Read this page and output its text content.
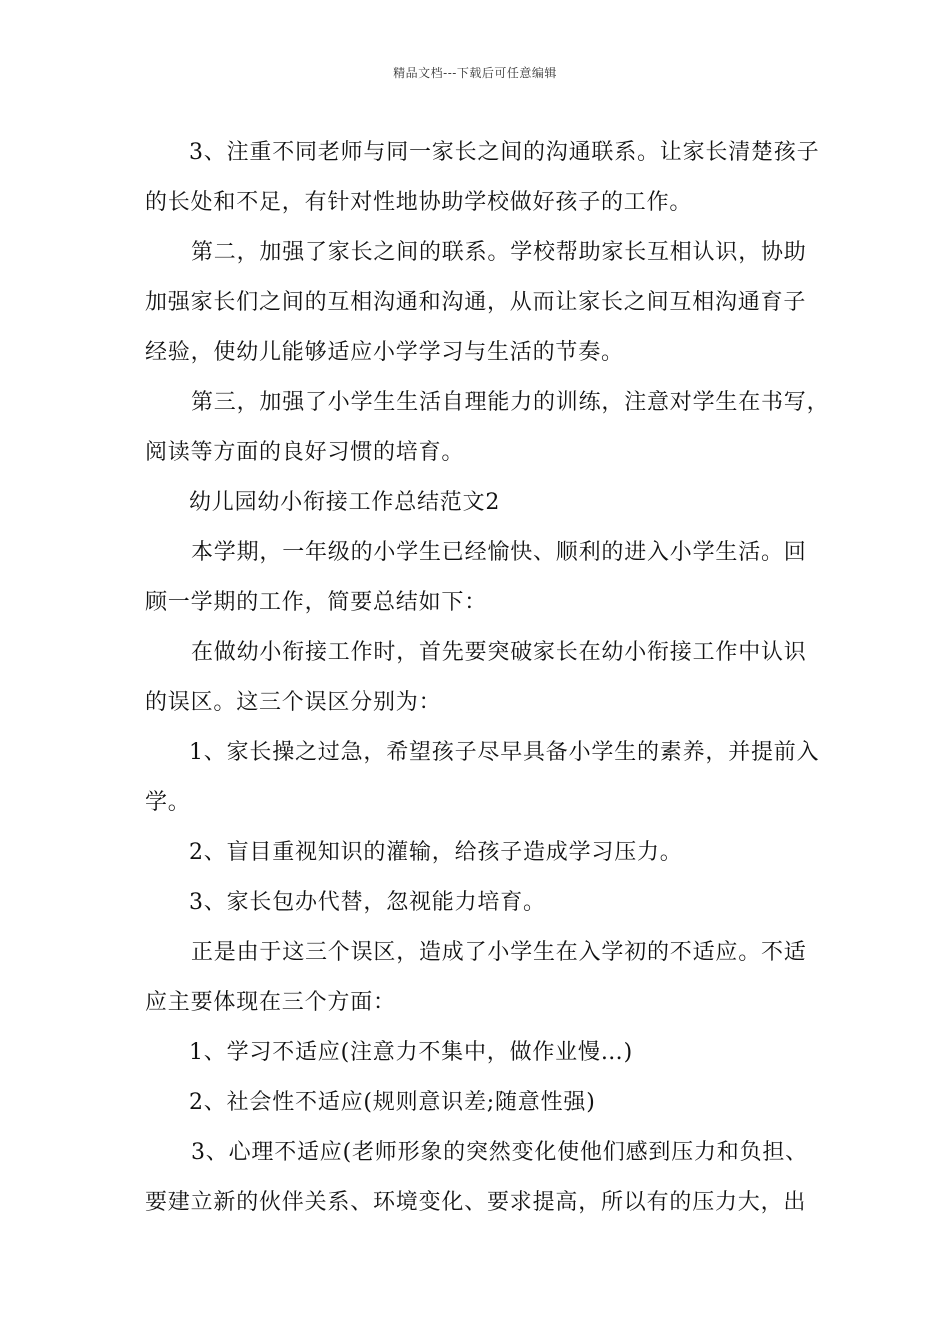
精品文档---下载后可任意编辑
3、注重不同老师与同一家长之间的沟通联系。让家长清楚孩子
的长处和不足，有针对性地协助学校做好孩子的工作。
第二，加强了家长之间的联系。学校帮助家长互相认识，协助
加强家长们之间的互相沟通和沟通，从而让家长之间互相沟通育子
经验，使幼儿能够适应小学学习与生活的节奏。
第三，加强了小学生生活自理能力的训练，注意对学生在书写，
阅读等方面的良好习惯的培育。
幼儿园幼小衔接工作总结范文2
本学期，一年级的小学生已经愉快、顺利的进入小学生活。回
顾一学期的工作，简要总结如下：
在做幼小衔接工作时，首先要突破家长在幼小衔接工作中认识
的误区。这三个误区分别为：
1、家长操之过急，希望孩子尽早具备小学生的素养，并提前入
学。
2、盲目重视知识的灌输，给孩子造成学习压力。
3、家长包办代替，忽视能力培育。
正是由于这三个误区，造成了小学生在入学初的不适应。不适
应主要体现在三个方面：
1、学习不适应(注意力不集中，做作业慢…)
2、社会性不适应(规则意识差;随意性强)
3、心理不适应(老师形象的突然变化使他们感到压力和负担、
要建立新的伙伴关系、环境变化、要求提高，所以有的压力大，出
